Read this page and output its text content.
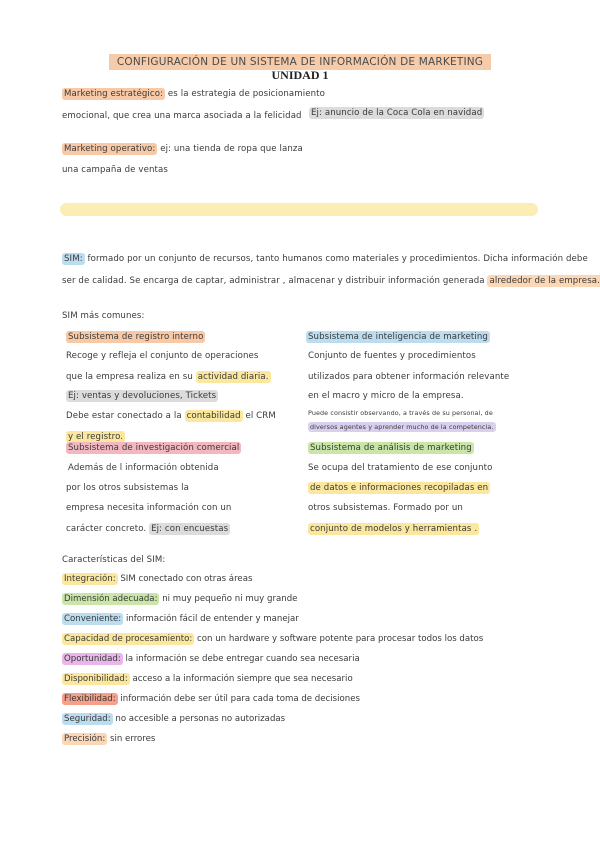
CONFIGURACIÓN DE UN SISTEMA DE INFORMACIÓN DE MARKETING
UNIDAD 1
Marketing estratégico: es la estrategia de posicionamiento
emocional, que crea una marca asociada a la felicidad Ej: anuncio de la Coca Cola en navidad
Marketing operativo: ej: una tienda de ropa que lanza
una campaña de ventas
SIM: formado por un conjunto de recursos, tanto humanos como materiales y procedimientos. Dicha información debe
ser de calidad. Se encarga de captar, administrar , almacenar y distribuir información generada alrededor de la empresa.
SIM más comunes:
Subsistema de registro interno
Recoge y refleja el conjunto de operaciones
que la empresa realiza en su actividad diaria.
Ej: ventas y devoluciones, Tickets
Debe estar conectado a la contabilidad el CRM
y el registro.
Subsistema de investigación comercial
Además de l información obtenida
por los otros subsistemas la
empresa necesita información con un
carácter concreto. Ej: con encuestas
Subsistema de inteligencia de marketing
Conjunto de fuentes y procedimientos
utilizados para obtener información relevante
en el macro y micro de la empresa.
Puede consistir observando, a través de su personal, de
diversos agentes y aprender mucho de la competencia.
Subsistema de análisis de marketing
Se ocupa del tratamiento de ese conjunto
de datos e informaciones recopiladas en
otros subsistemas. Formado por un
conjunto de modelos y herramientas .
Características del SIM:
Integración: SIM conectado con otras áreas
Dimensión adecuada: ni muy pequeño ni muy grande
Conveniente: información fácil de entender y manejar
Capacidad de procesamiento: con un hardware y software potente para procesar todos los datos
Oportunidad: la información se debe entregar cuando sea necesaria
Disponibilidad: acceso a la información siempre que sea necesario
Flexibilidad: información debe ser útil para cada toma de decisiones
Seguridad: no accesible a personas no autorizadas
Precisión: sin errores
